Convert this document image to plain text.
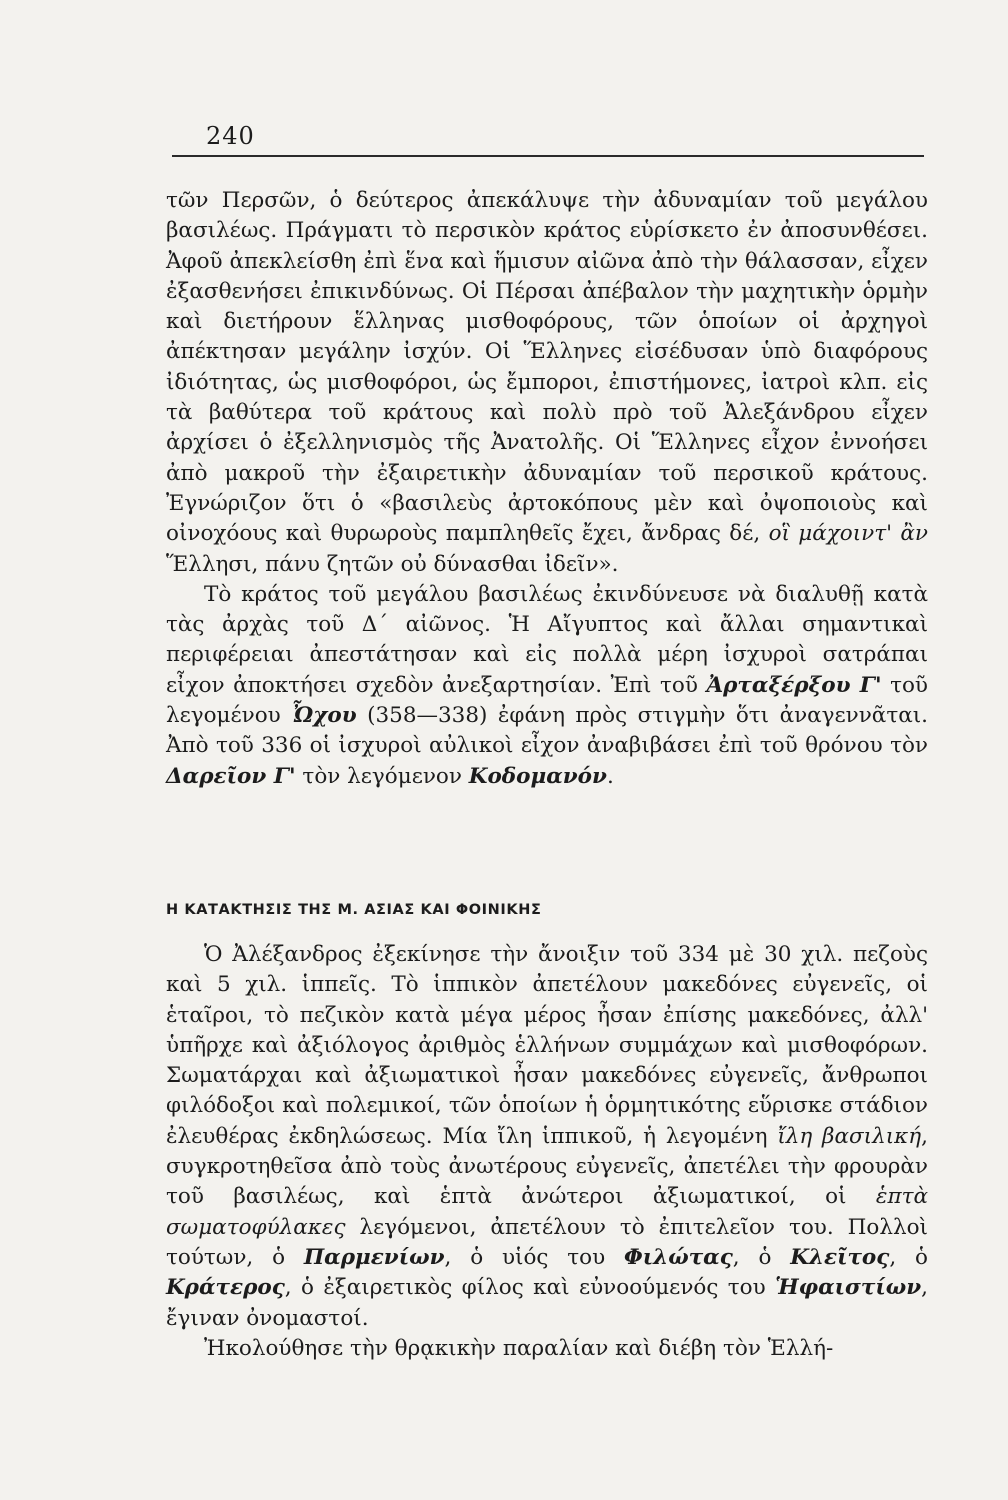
240

τῶν Περσῶν, ὁ δεύτερος ἀπεκάλυψε τὴν ἀδυναμίαν τοῦ μεγάλου βασιλέως. Πράγματι τὸ περσικὸν κράτος εὑρίσκετο ἐν ἀποσυνθέσει. Ἀφοῦ ἀπεκλείσθη ἐπὶ ἕνα καὶ ἥμισυν αἰῶνα ἀπὸ τὴν θάλασσαν, εἶχεν ἐξασθενήσει ἐπικινδύνως. Οἱ Πέρσαι ἀπέβαλον τὴν μαχητικὴν ὁρμὴν καὶ διετήρουν ἕλληνας μισθοφόρους, τῶν ὁποίων οἱ ἀρχηγοὶ ἀπέκτησαν μεγάλην ἰσχύν. Οἱ Ἕλληνες εἰσέδυσαν ὑπὸ διαφόρους ἰδιότητας, ὡς μισθοφόροι, ὡς ἔμποροι, ἐπιστήμονες, ἰατροὶ κλπ. εἰς τὰ βαθύτερα τοῦ κράτους καὶ πολὺ πρὸ τοῦ Ἀλεξάνδρου εἶχεν ἀρχίσει ὁ ἐξελληνισμὸς τῆς Ἀνατολῆς. Οἱ Ἕλληνες εἶχον ἐννοήσει ἀπὸ μακροῦ τὴν ἐξαιρετικὴν ἀδυναμίαν τοῦ περσικοῦ κράτους. Ἐγνώριζον ὅτι ὁ «βασιλεὺς ἀρτοκόπους μὲν καὶ ὀψοποιοὺς καὶ οἰνοχόους καὶ θυρωροὺς παμπληθεῖς ἔχει, ἄνδρας δέ, οἳ μάχοιντ' ἂν Ἕλλησι, πάνυ ζητῶν οὐ δύνασθαι ἰδεῖν».

Τὸ κράτος τοῦ μεγάλου βασιλέως ἐκινδύνευσε νὰ διαλυθῇ κατὰ τὰς ἀρχὰς τοῦ Δ΄ αἰῶνος. Ἡ Αἴγυπτος καὶ ἄλλαι σημαντικαὶ περιφέρειαι ἀπεστάτησαν καὶ εἰς πολλὰ μέρη ἰσχυροὶ σατράπαι εἶχον ἀποκτήσει σχεδὸν ἀνεξαρτησίαν. Ἐπὶ τοῦ Ἀρταξέρξου Γ' τοῦ λεγομένου Ὦχου (358—338) ἐφάνη πρὸς στιγμὴν ὅτι ἀναγεννᾶται. Ἀπὸ τοῦ 336 οἱ ἰσχυροὶ αὐλικοὶ εἶχον ἀναβιβάσει ἐπὶ τοῦ θρόνου τὸν Δαρεῖον Γ' τὸν λεγόμενον Κοδομανόν.

Η ΚΑΤΑΚΤΗΣΙΣ ΤΗΣ Μ. ΑΣΙΑΣ ΚΑΙ ΦΟΙΝΙΚΗΣ

Ὁ Ἀλέξανδρος ἐξεκίνησε τὴν ἄνοιξιν τοῦ 334 μὲ 30 χιλ. πεζοὺς καὶ 5 χιλ. ἱππεῖς. Τὸ ἱππικὸν ἀπετέλουν μακεδόνες εὐγενεῖς, οἱ ἑταῖροι, τὸ πεζικὸν κατὰ μέγα μέρος ἦσαν ἐπίσης μακεδόνες, ἀλλ' ὑπῆρχε καὶ ἀξιόλογος ἀριθμὸς ἑλλήνων συμμάχων καὶ μισθοφόρων. Σωματάρχαι καὶ ἀξιωματικοὶ ἦσαν μακεδόνες εὐγενεῖς, ἄνθρωποι φιλόδοξοι καὶ πολεμικοί, τῶν ὁποίων ἡ ὁρμητικότης εὕρισκε στάδιον ἐλευθέρας ἐκδηλώσεως. Μία ἴλη ἱππικοῦ, ἡ λεγομένη ἴλη βασιλική, συγκροτηθεῖσα ἀπὸ τοὺς ἀνωτέρους εὐγενεῖς, ἀπετέλει τὴν φρουρὰν τοῦ βασιλέως, καὶ ἑπτὰ ἀνώτεροι ἀξιωματικοί, οἱ ἑπτὰ σωματοφύλακες λεγόμενοι, ἀπετέλουν τὸ ἐπιτελεῖον του. Πολλοὶ τούτων, ὁ Παρμενίων, ὁ υἱός του Φιλώτας, ὁ Κλεῖτος, ὁ Κράτερος, ὁ ἐξαιρετικὸς φίλος καὶ εὐνοούμενός του Ἡφαιστίων, ἔγιναν ὀνομαστοί.

Ἠκολούθησε τὴν θρᾳκικὴν παραλίαν καὶ διέβη τὸν Ἑλλή-
